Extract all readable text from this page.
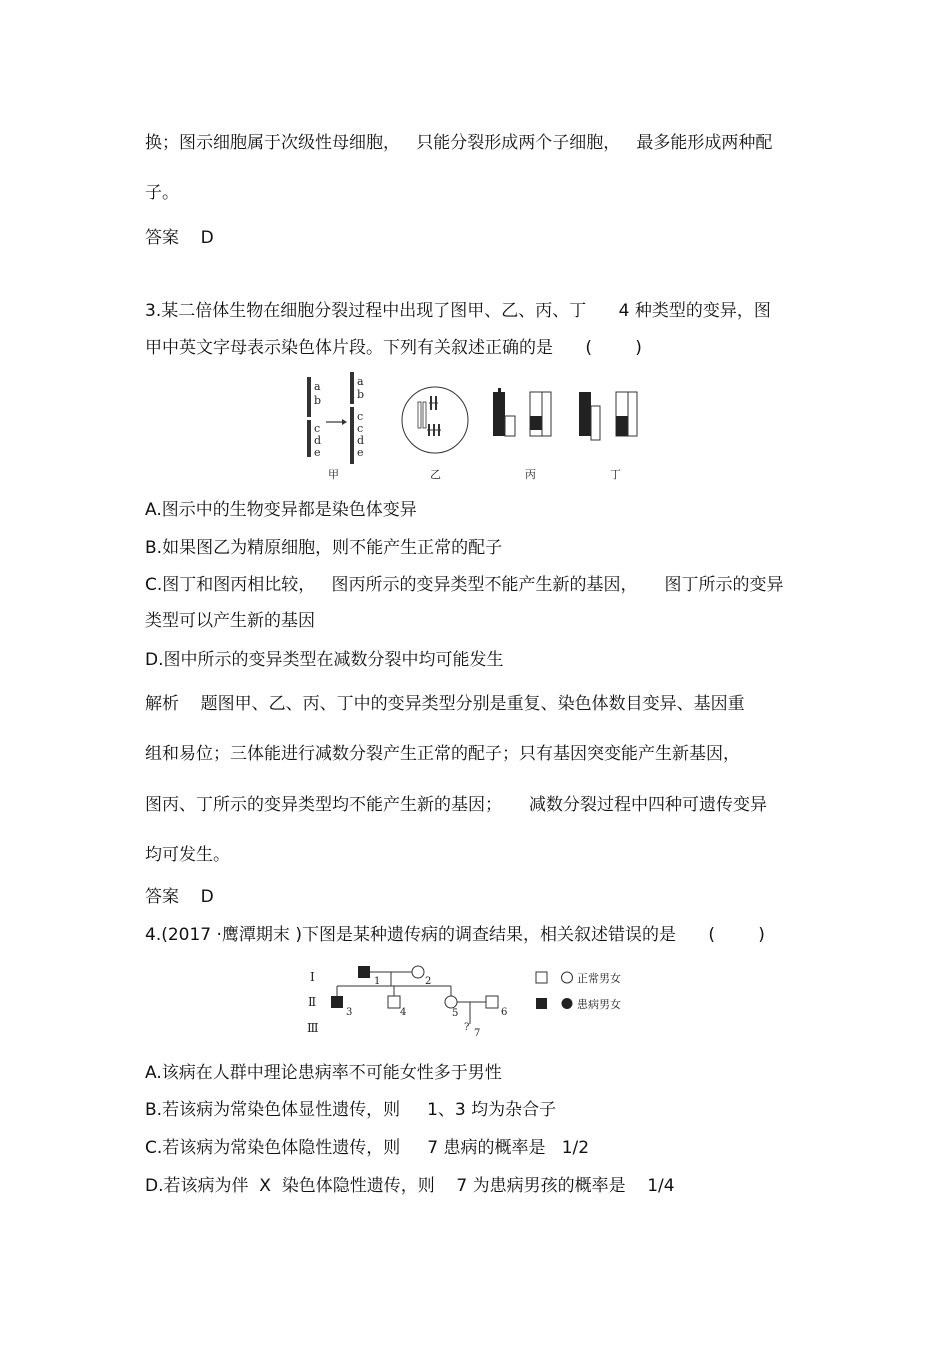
换；图示细胞属于次级性母细胞，   只能分裂形成两个子细胞，   最多能形成两种配
子。
答案    D
3.某二倍体生物在细胞分裂过程中出现了图甲、乙、丙、丁      4 种类型的变异，图
甲中英文字母表示染色体片段。下列有关叙述正确的是      (        )
a
b
c
d
e
a
b
c
c
d
e
甲	乙	丙	丁
A.图示中的生物变异都是染色体变异
B.如果图乙为精原细胞，则不能产生正常的配子
C.图丁和图丙相比较，   图丙所示的变异类型不能产生新的基因，     图丁所示的变异
类型可以产生新的基因
D.图中所示的变异类型在减数分裂中均可能发生
解析    题图甲、乙、丙、丁中的变异类型分别是重复、染色体数目变异、基因重
组和易位；三体能进行减数分裂产生正常的配子；只有基因突变能产生新基因，
图丙、丁所示的变异类型均不能产生新的基因；     减数分裂过程中四种可遗传变异
均可发生。
答案    D
4.(2017 ·鹰潭期末 )下图是某种遗传病的调查结果，相关叙述错误的是      (        )
Ⅰ
Ⅱ
Ⅲ
1	2
3	4	5	6
?
7
正常男女
患病男女
A.该病在人群中理论患病率不可能女性多于男性
B.若该病为常染色体显性遗传，则     1、3 均为杂合子
C.若该病为常染色体隐性遗传，则     7 患病的概率是   1/2
D.若该病为伴  X  染色体隐性遗传，则    7 为患病男孩的概率是    1/4
